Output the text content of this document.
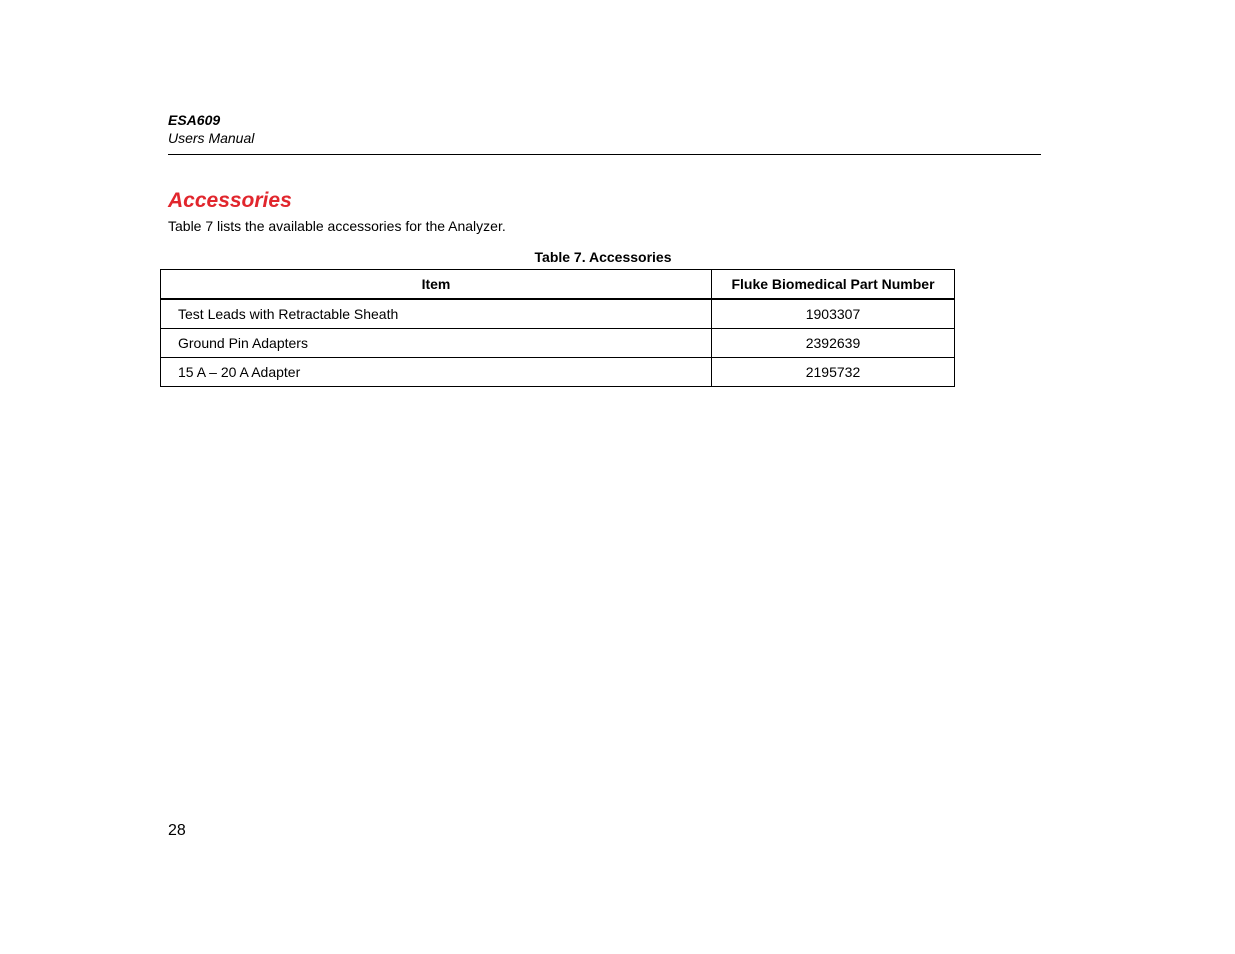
ESA609
Users Manual
Accessories
Table 7 lists the available accessories for the Analyzer.
Table 7. Accessories
Item	Fluke Biomedical Part Number
Test Leads with Retractable Sheath	1903307
Ground Pin Adapters	2392639
15 A – 20 A Adapter	2195732
28
